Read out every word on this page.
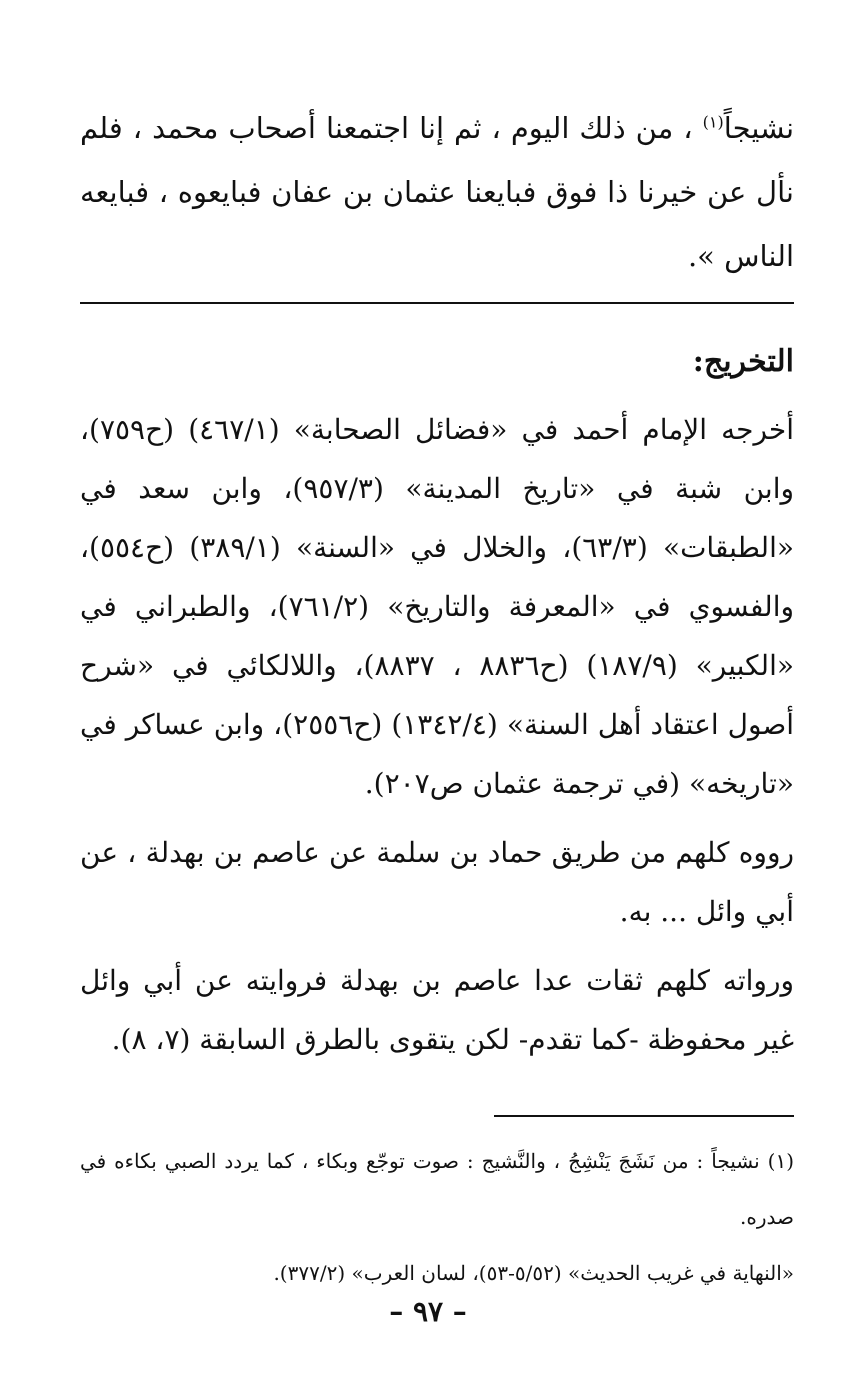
نشيجاً$^{(١)}$ ، من ذلك اليوم ، ثم إنا اجتمعنا أصحاب محمد ، فلم نأل عن خيرنا ذا فوق فبايعنا عثمان بن عفان فبايعوه ، فبايعه الناس ».

التخريج:

أخرجه الإمام أحمد في «فضائل الصحابة» (٤٦٧/١) (ح٧٥٩)، وابن شبة في «تاريخ المدينة» (٩٥٧/٣)، وابن سعد في «الطبقات» (٦٣/٣)، والخلال في «السنة» (٣٨٩/١) (ح٥٥٤)، والفسوي في «المعرفة والتاريخ» (٧٦١/٢)، والطبراني في «الكبير» (١٨٧/٩) (ح٨٨٣٦ ، ٨٨٣٧)، واللالكائي في «شرح أصول اعتقاد أهل السنة» (١٣٤٢/٤) (ح٢٥٥٦)، وابن عساكر في «تاريخه» (في ترجمة عثمان ص٢٠٧).

رووه كلهم من طريق حماد بن سلمة عن عاصم بن بهدلة ، عن أبي وائل ... به.

ورواته كلهم ثقات عدا عاصم بن بهدلة فروايته عن أبي وائل غير محفوظة -كما تقدم- لكن يتقوى بالطرق السابقة (٧، ٨).

(١) نشيجاً : من نَشَجَ يَنْشِجُ ، والنَّشيج : صوت توجّع وبكاء ، كما يردد الصبي بكاءه في صدره.

«النهاية في غريب الحديث» (٥/٥٢-٥٣)، لسان العرب» (٣٧٧/٢).

– ٩٧ –
